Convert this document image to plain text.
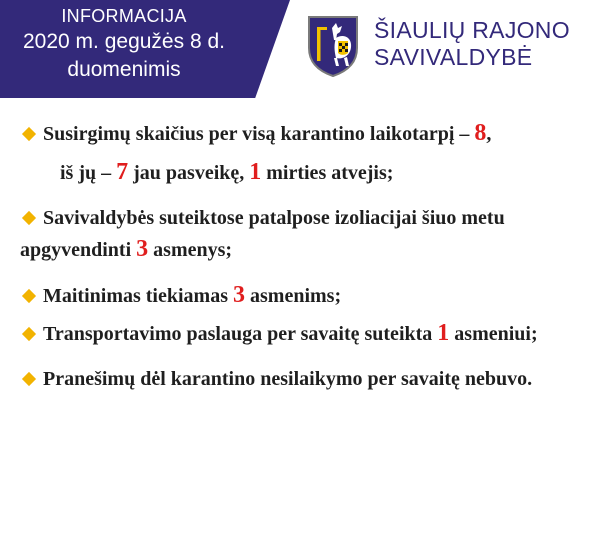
INFORMACIJA
2020 m. gegužės 8 d.
duomenimis
ŠIAULIŲ RAJONO
SAVIVALDYBĖ

Susirgimų skaičius per visą karantino laikotarpį – 8,

iš jų – 7 jau pasveikę, 1 mirties atvejis;

Savivaldybės suteiktose patalpose izoliacijai šiuo metu apgyvendinti 3 asmenys;

Maitinimas tiekiamas 3 asmenims;

Transportavimo paslauga per savaitę suteikta 1 asmeniui;

Pranešimų dėl karantino nesilaikymo per savaitę nebuvo.
